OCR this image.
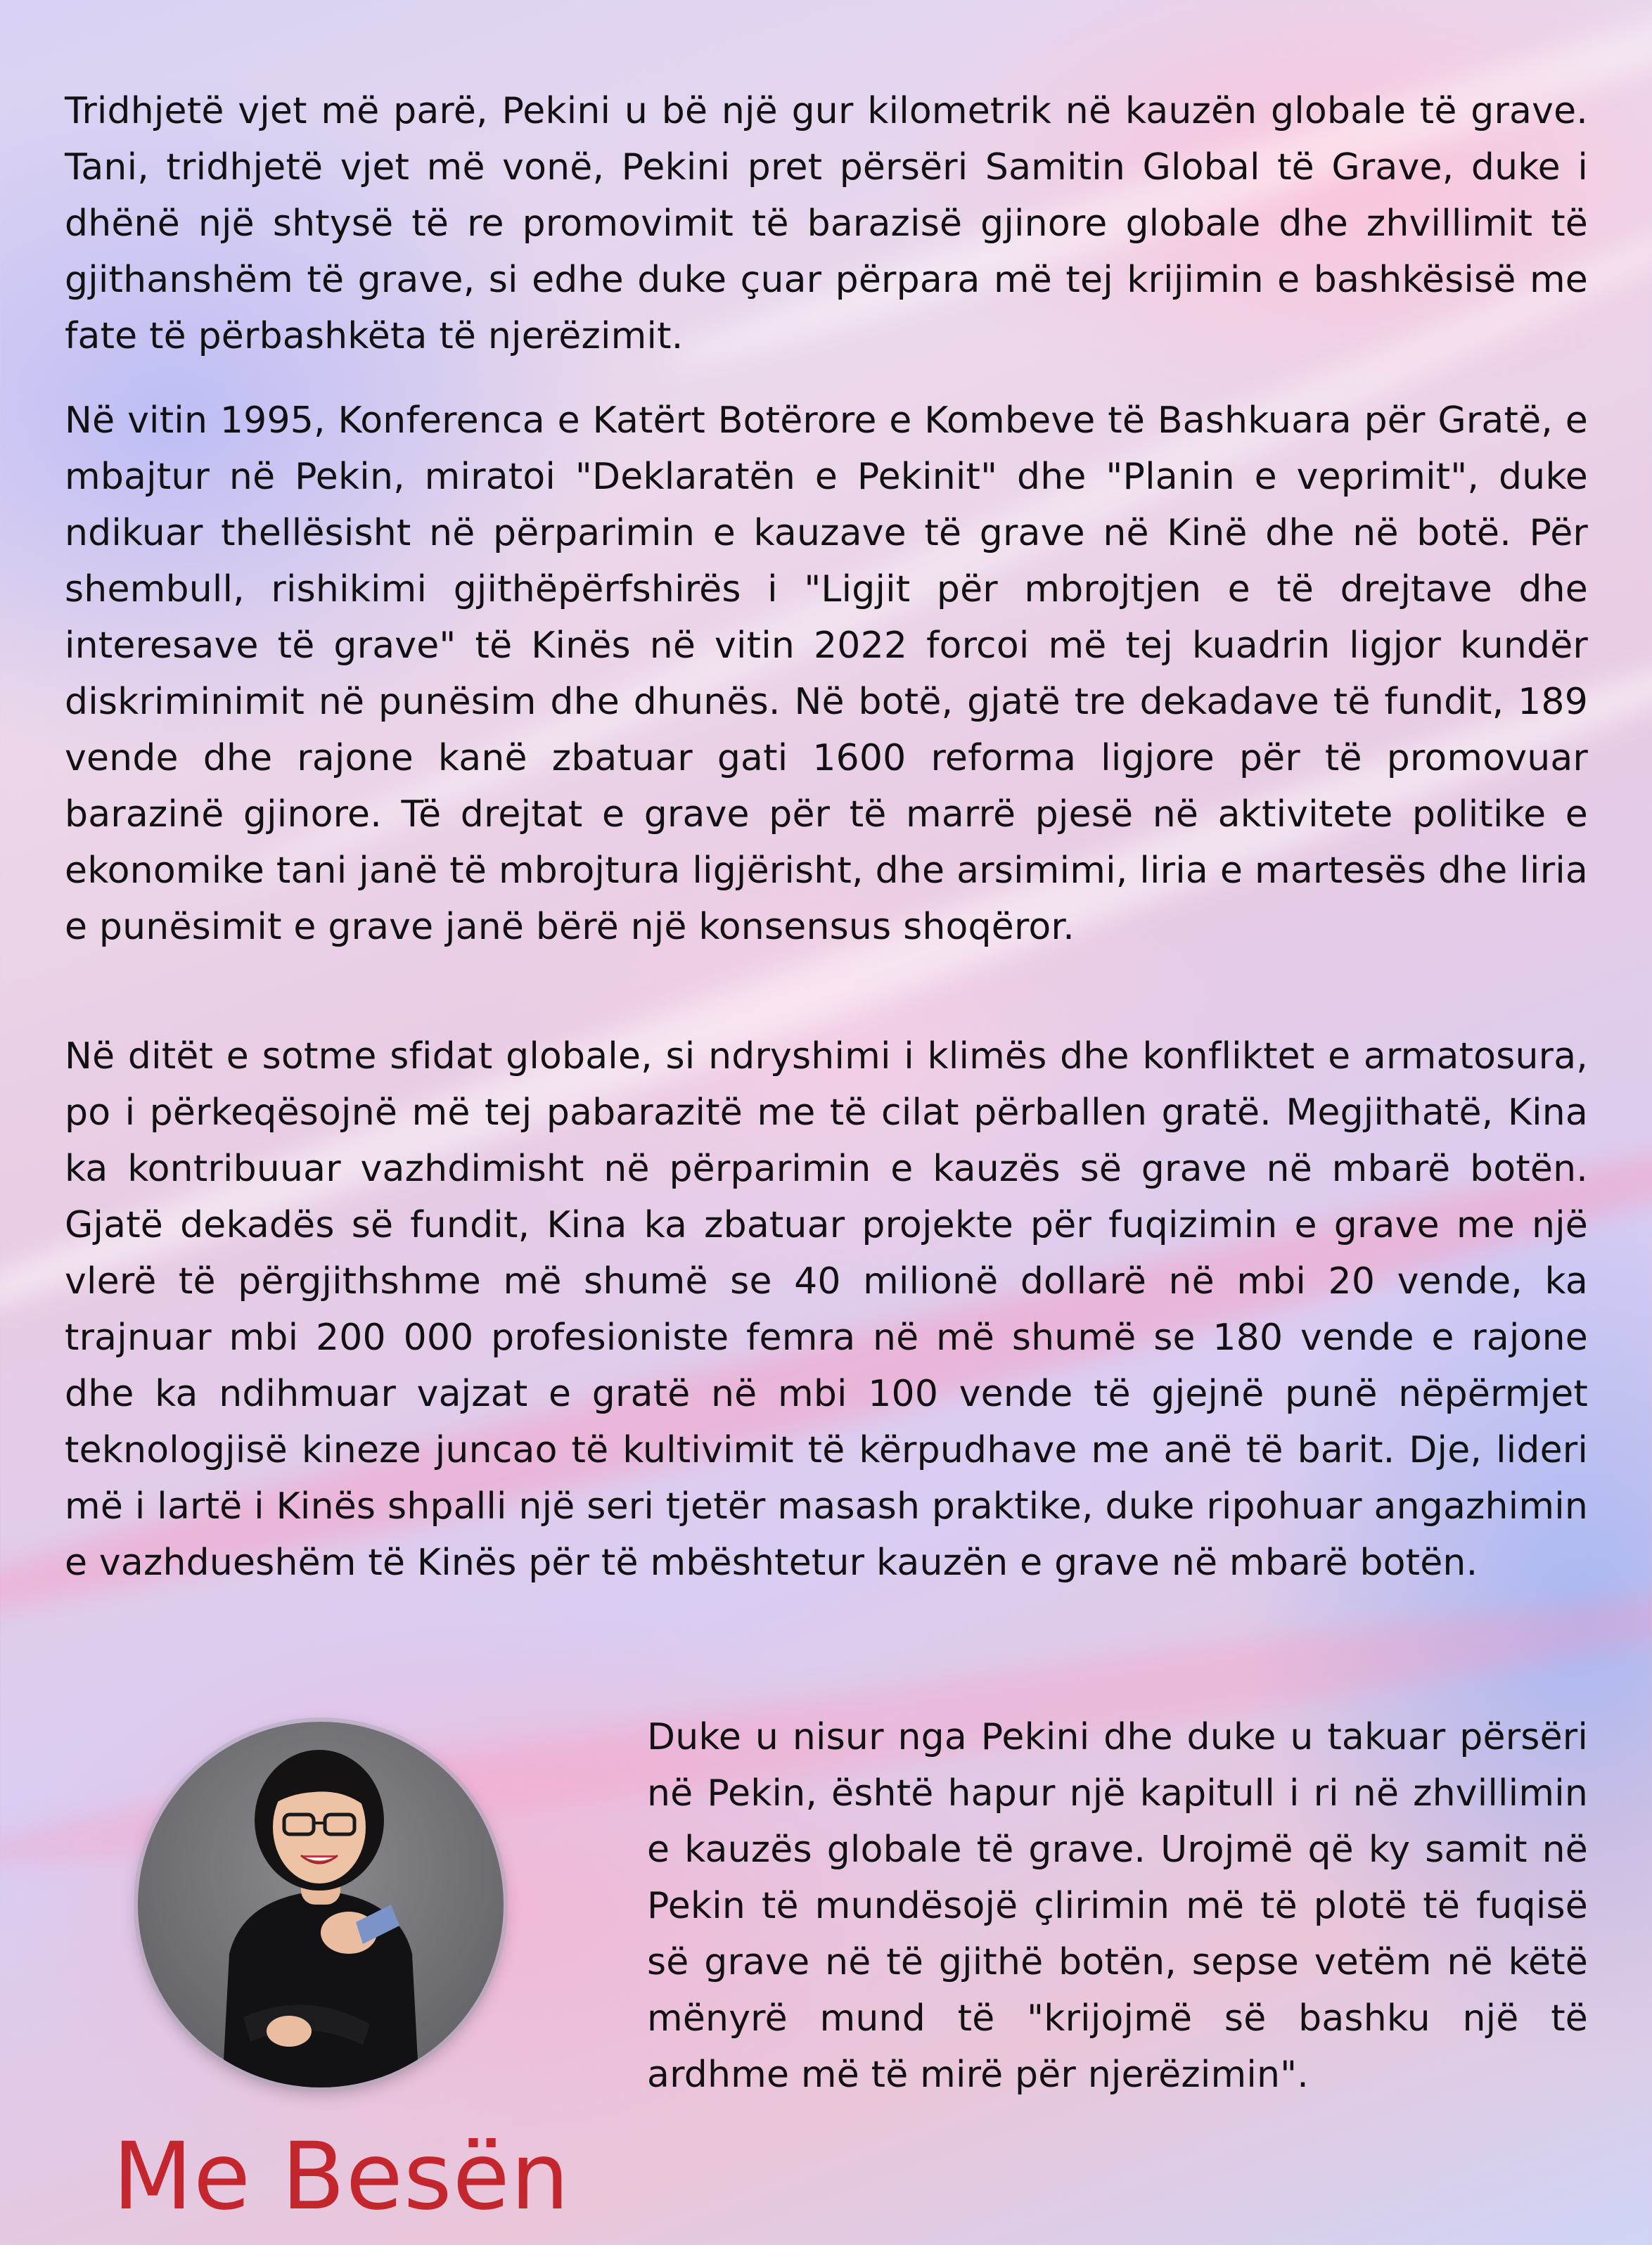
Tridhjetë vjet më parë, Pekini u bë një gur kilometrik në kauzën globale të grave. Tani, tridhjetë vjet më vonë, Pekini pret përsëri Samitin Global të Grave, duke i dhënë një shtysë të re promovimit të barazisë gjinore globale dhe zhvillimit të gjithanshëm të grave, si edhe duke çuar përpara më tej krijimin e bashkësisë me fate të përbashkëta të njerëzimit.

Në vitin 1995, Konferenca e Katërt Botërore e Kombeve të Bashkuara për Gratë, e mbajtur në Pekin, miratoi "Deklaratën e Pekinit" dhe "Planin e veprimit", duke ndikuar thellësisht në përparimin e kauzave të grave në Kinë dhe në botë. Për shembull, rishikimi gjithëpërfshirës i "Ligjit për mbrojtjen e të drejtave dhe interesave të grave" të Kinës në vitin 2022 forcoi më tej kuadrin ligjor kundër diskriminimit në punësim dhe dhunës. Në botë, gjatë tre dekadave të fundit, 189 vende dhe rajone kanë zbatuar gati 1600 reforma ligjore për të promovuar barazinë gjinore. Të drejtat e grave për të marrë pjesë në aktivitete politike e ekonomike tani janë të mbrojtura ligjërisht, dhe arsimimi, liria e martesës dhe liria e punësimit e grave janë bërë një konsensus shoqëror.

Në ditët e sotme sfidat globale, si ndryshimi i klimës dhe konfliktet e armatosura, po i përkeqësojnë më tej pabarazitë me të cilat përballen gratë. Megjithatë, Kina ka kontribuuar vazhdimisht në përparimin e kauzës së grave në mbarë botën. Gjatë dekadës së fundit, Kina ka zbatuar projekte për fuqizimin e grave me një vlerë të përgjithshme më shumë se 40 milionë dollarë në mbi 20 vende, ka trajnuar mbi 200 000 profesioniste femra në më shumë se 180 vende e rajone dhe ka ndihmuar vajzat e gratë në mbi 100 vende të gjejnë punë nëpërmjet teknologjisë kineze juncao të kultivimit të kërpudhave me anë të barit. Dje, lideri më i lartë i Kinës shpalli një seri tjetër masash praktike, duke ripohuar angazhimin e vazhdueshëm të Kinës për të mbështetur kauzën e grave në mbarë botën.

Duke u nisur nga Pekini dhe duke u takuar përsëri në Pekin, është hapur një kapitull i ri në zhvillimin e kauzës globale të grave. Urojmë që ky samit në Pekin të mundësojë çlirimin më të plotë të fuqisë së grave në të gjithë botën, sepse vetëm në këtë mënyrë mund të "krijojmë së bashku një të ardhme më të mirë për njerëzimin".

Me Besën
